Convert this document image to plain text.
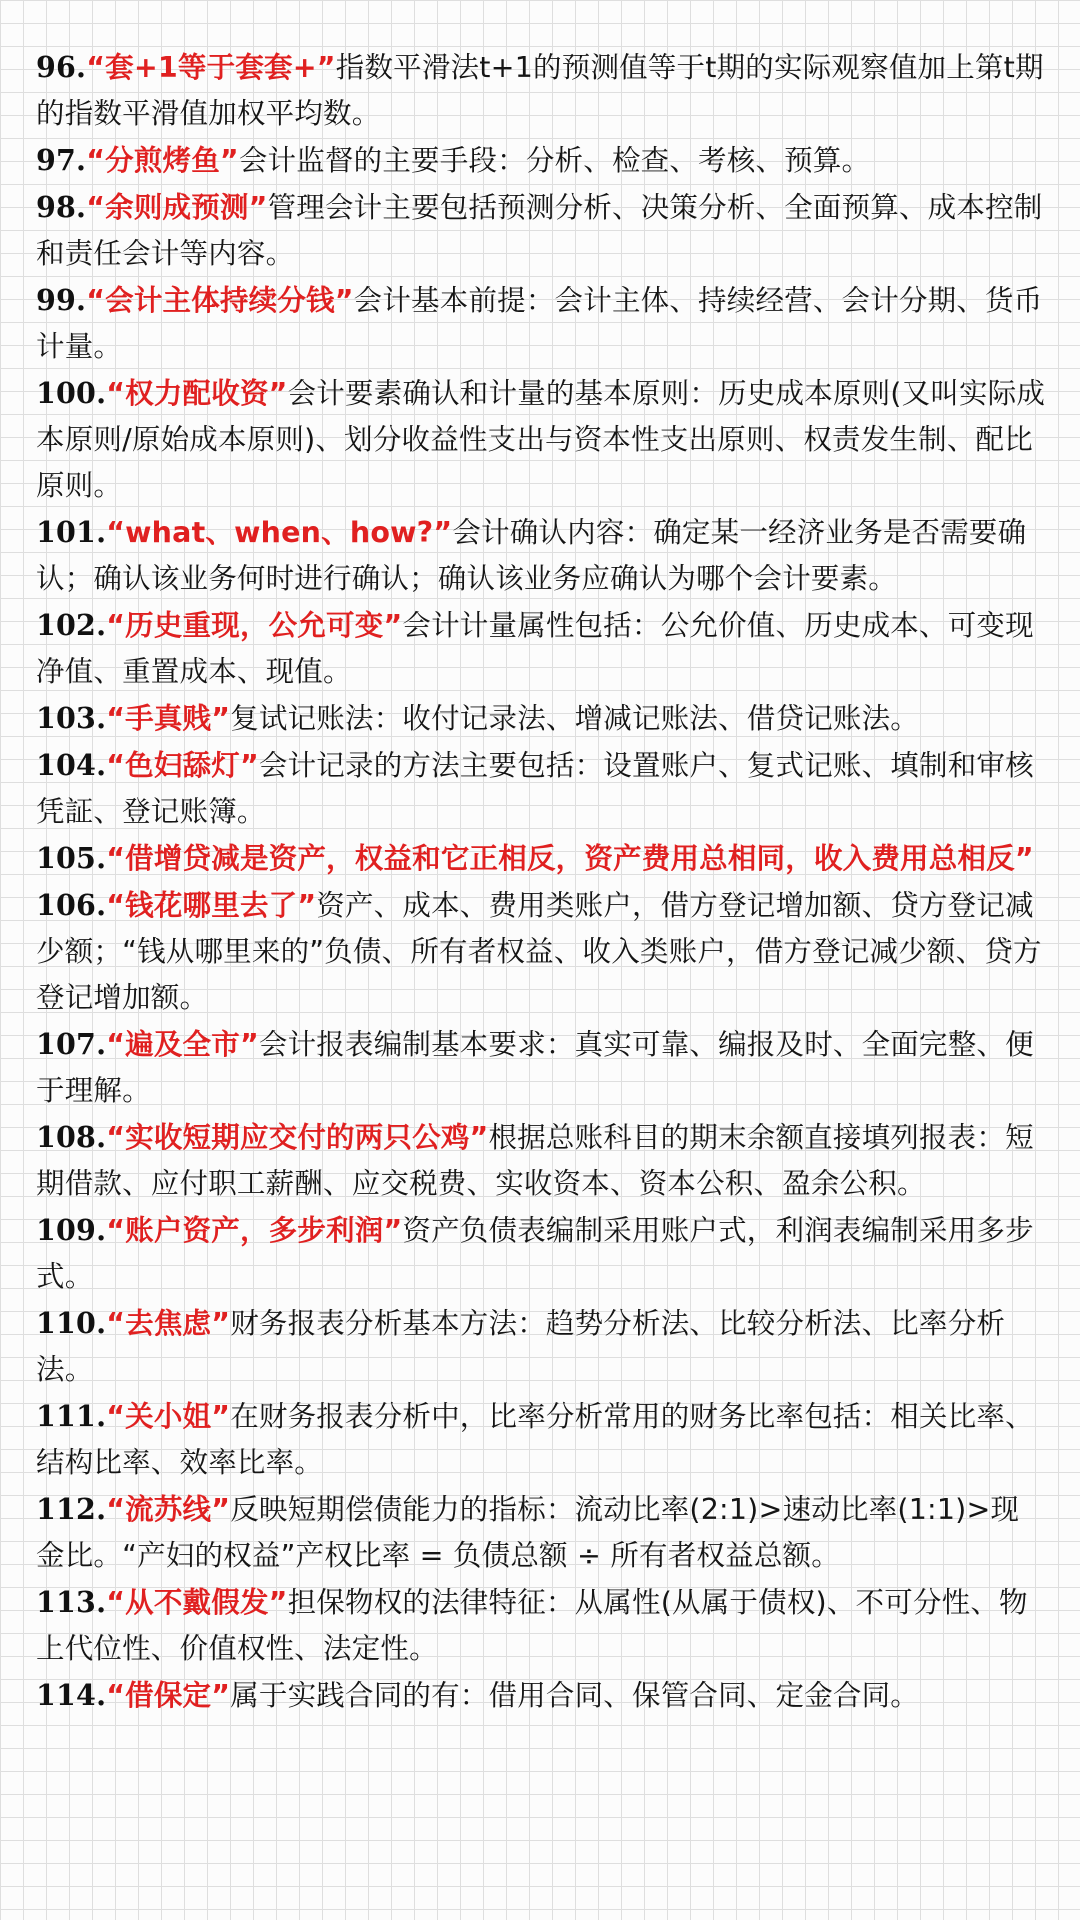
96.“套+1等于套套+”指数平滑法t+1的预测值等于t期的实际观察值加上第t期的指数平滑值加权平均数。

97.“分煎烤鱼”会计监督的主要手段：分析、检查、考核、预算。

98.“余则成预测”管理会计主要包括预测分析、决策分析、全面预算、成本控制和责任会计等内容。

99.“会计主体持续分钱”会计基本前提：会计主体、持续经营、会计分期、货币计量。

100.“权力配收资”会计要素确认和计量的基本原则：历史成本原则(又叫实际成本原则/原始成本原则)、划分收益性支出与资本性支出原则、权责发生制、配比原则。

101.“what、when、how?”会计确认内容：确定某一经济业务是否需要确认；确认该业务何时进行确认；确认该业务应确认为哪个会计要素。

102.“历史重现，公允可变”会计计量属性包括：公允价值、历史成本、可变现净值、重置成本、现值。

103.“手真贱”复试记账法：收付记录法、增减记账法、借贷记账法。

104.“色妇舔灯”会计记录的方法主要包括：设置账户、复式记账、填制和审核凭証、登记账簿。

105.“借增贷减是资产，权益和它正相反，资产费用总相同，收入费用总相反”

106.“钱花哪里去了”资产、成本、费用类账户，借方登记增加额、贷方登记减少额；“钱从哪里来的”负债、所有者权益、收入类账户，借方登记减少额、贷方登记增加额。

107.“遍及全市”会计报表编制基本要求：真实可靠、编报及时、全面完整、便于理解。

108.“实收短期应交付的两只公鸡”根据总账科目的期末余额直接填列报表：短期借款、应付职工薪酬、应交税费、实收资本、资本公积、盈余公积。

109.“账户资产，多步利润”资产负债表编制采用账户式，利润表编制采用多步式。

110.“去焦虑”财务报表分析基本方法：趋势分析法、比较分析法、比率分析法。

111.“关小姐”在财务报表分析中，比率分析常用的财务比率包括：相关比率、结构比率、效率比率。

112.“流苏线”反映短期偿债能力的指标：流动比率(2:1)>速动比率(1:1)>现金比。“产妇的权益”产权比率 = 负债总额 ÷ 所有者权益总额。

113.“从不戴假发”担保物权的法律特征：从属性(从属于债权)、不可分性、物上代位性、价值权性、法定性。

114.“借保定”属于实践合同的有：借用合同、保管合同、定金合同。
